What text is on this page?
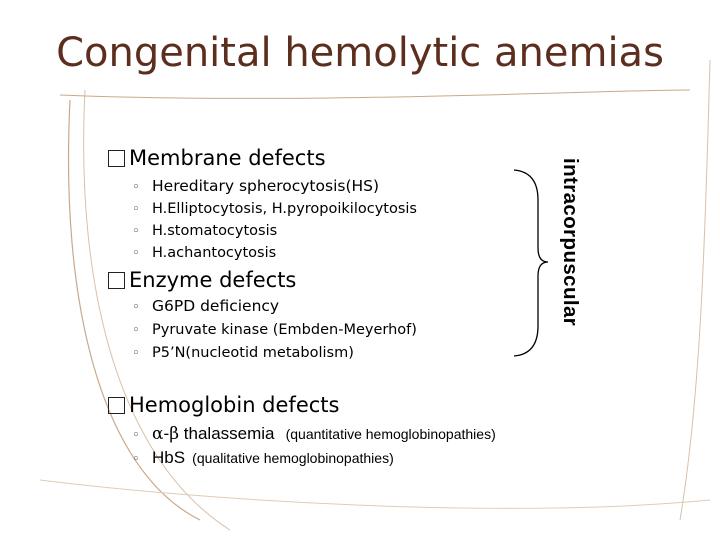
Congenital hemolytic anemias
Membrane defects
◦ Hereditary spherocytosis(HS)
◦ H.Elliptocytosis, H.pyropoikilocytosis
◦ H.stomatocytosis
◦ H.achantocytosis
Enzyme defects
◦ G6PD deficiency
◦ Pyruvate kinase (Embden-Meyerhof)
◦ P5’N(nucleotid metabolism)
intracorpuscular
Hemoglobin defects
◦ α-β thalassemia (quantitative hemoglobinopathies)
◦ HbS (qualitative hemoglobinopathies)
